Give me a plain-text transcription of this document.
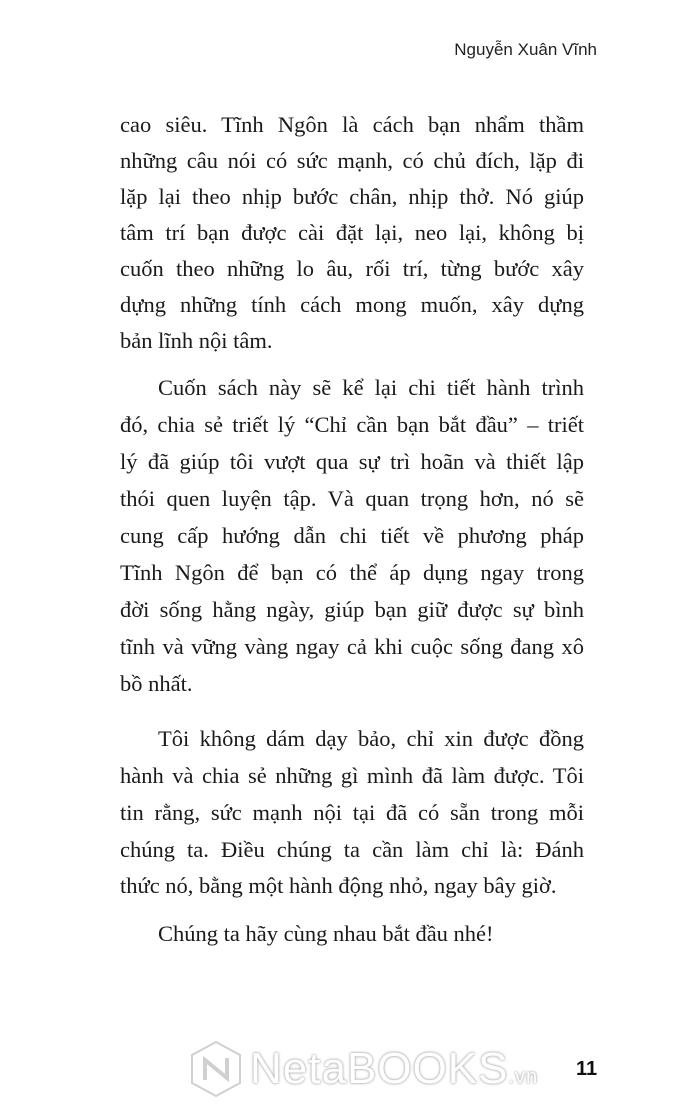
Nguyễn Xuân Vĩnh
cao siêu. Tĩnh Ngôn là cách bạn nhẩm thầm
những câu nói có sức mạnh, có chủ đích, lặp đi
lặp lại theo nhịp bước chân, nhịp thở. Nó giúp
tâm trí bạn được cài đặt lại, neo lại, không bị
cuốn theo những lo âu, rối trí, từng bước xây
dựng những tính cách mong muốn, xây dựng
bản lĩnh nội tâm.
Cuốn sách này sẽ kể lại chi tiết hành trình
đó, chia sẻ triết lý “Chỉ cần bạn bắt đầu” – triết
lý đã giúp tôi vượt qua sự trì hoãn và thiết lập
thói quen luyện tập. Và quan trọng hơn, nó sẽ
cung cấp hướng dẫn chi tiết về phương pháp
Tĩnh Ngôn để bạn có thể áp dụng ngay trong
đời sống hằng ngày, giúp bạn giữ được sự bình
tĩnh và vững vàng ngay cả khi cuộc sống đang xô
bồ nhất.
Tôi không dám dạy bảo, chỉ xin được đồng
hành và chia sẻ những gì mình đã làm được. Tôi
tin rằng, sức mạnh nội tại đã có sẵn trong mỗi
chúng ta. Điều chúng ta cần làm chỉ là: Đánh
thức nó, bằng một hành động nhỏ, ngay bây giờ.
Chúng ta hãy cùng nhau bắt đầu nhé!
NetaBOOKS.vn 11
